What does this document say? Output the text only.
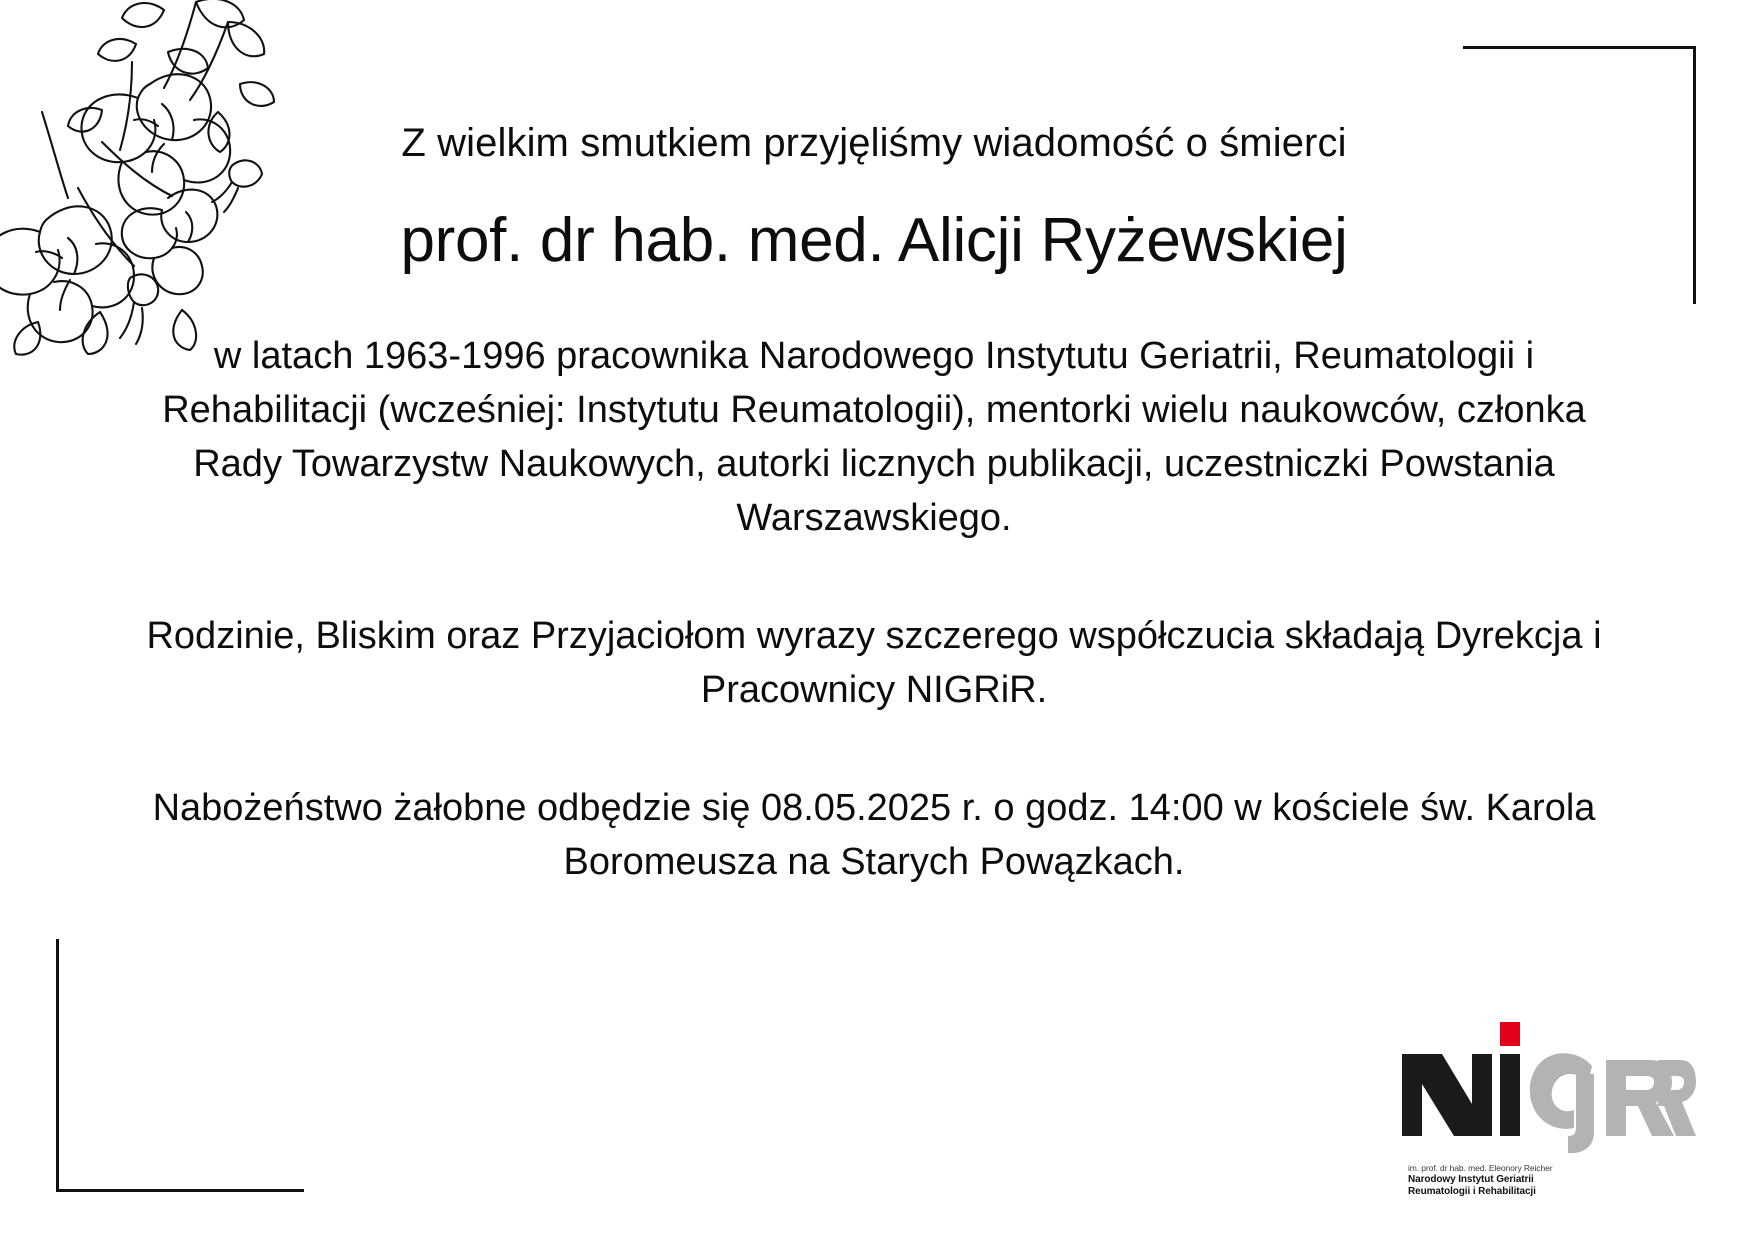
Z wielkim smutkiem przyjęliśmy wiadomość o śmierci

prof. dr hab. med. Alicji Ryżewskiej

w latach 1963-1996 pracownika Narodowego Instytutu Geriatrii, Reumatologii i Rehabilitacji (wcześniej: Instytutu Reumatologii), mentorki wielu naukowców, członka Rady Towarzystw Naukowych, autorki licznych publikacji, uczestniczki Powstania Warszawskiego.

Rodzinie, Bliskim oraz Przyjaciołom wyrazy szczerego współczucia składają Dyrekcja i Pracownicy NIGRiR.

Nabożeństwo żałobne odbędzie się 08.05.2025 r. o godz. 14:00 w kościele św. Karola Boromeusza na Starych Powązkach.

im. prof. dr hab. med. Eleonory Reicher
Narodowy Instytut Geriatrii
Reumatologii i Rehabilitacji
